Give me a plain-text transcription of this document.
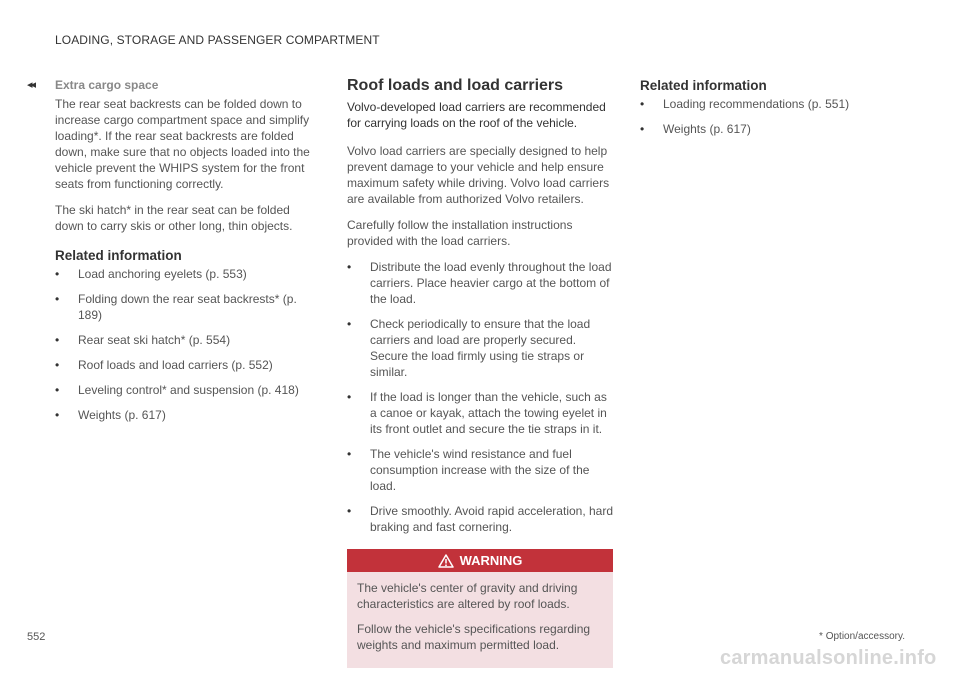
LOADING, STORAGE AND PASSENGER COMPARTMENT
◂◂ Extra cargo space

The rear seat backrests can be folded down to increase cargo compartment space and simplify loading*. If the rear seat backrests are folded down, make sure that no objects loaded into the vehicle prevent the WHIPS system for the front seats from functioning correctly.

The ski hatch* in the rear seat can be folded down to carry skis or other long, thin objects.

Related information
• Load anchoring eyelets (p. 553)
• Folding down the rear seat backrests* (p. 189)
• Rear seat ski hatch* (p. 554)
• Roof loads and load carriers (p. 552)
• Leveling control* and suspension (p. 418)
• Weights (p. 617)
Roof loads and load carriers
Volvo-developed load carriers are recommended for carrying loads on the roof of the vehicle.

Volvo load carriers are specially designed to help prevent damage to your vehicle and help ensure maximum safety while driving. Volvo load carriers are available from authorized Volvo retailers.

Carefully follow the installation instructions provided with the load carriers.

• Distribute the load evenly throughout the load carriers. Place heavier cargo at the bottom of the load.
• Check periodically to ensure that the load carriers and load are properly secured. Secure the load firmly using tie straps or similar.
• If the load is longer than the vehicle, such as a canoe or kayak, attach the towing eyelet in its front outlet and secure the tie straps in it.
• The vehicle's wind resistance and fuel consumption increase with the size of the load.
• Drive smoothly. Avoid rapid acceleration, hard braking and fast cornering.
WARNING

The vehicle's center of gravity and driving characteristics are altered by roof loads.

Follow the vehicle's specifications regarding weights and maximum permitted load.

Related information
• Loading recommendations (p. 551)
• Weights (p. 617)
552	* Option/accessory.
carmanualsonline.info
